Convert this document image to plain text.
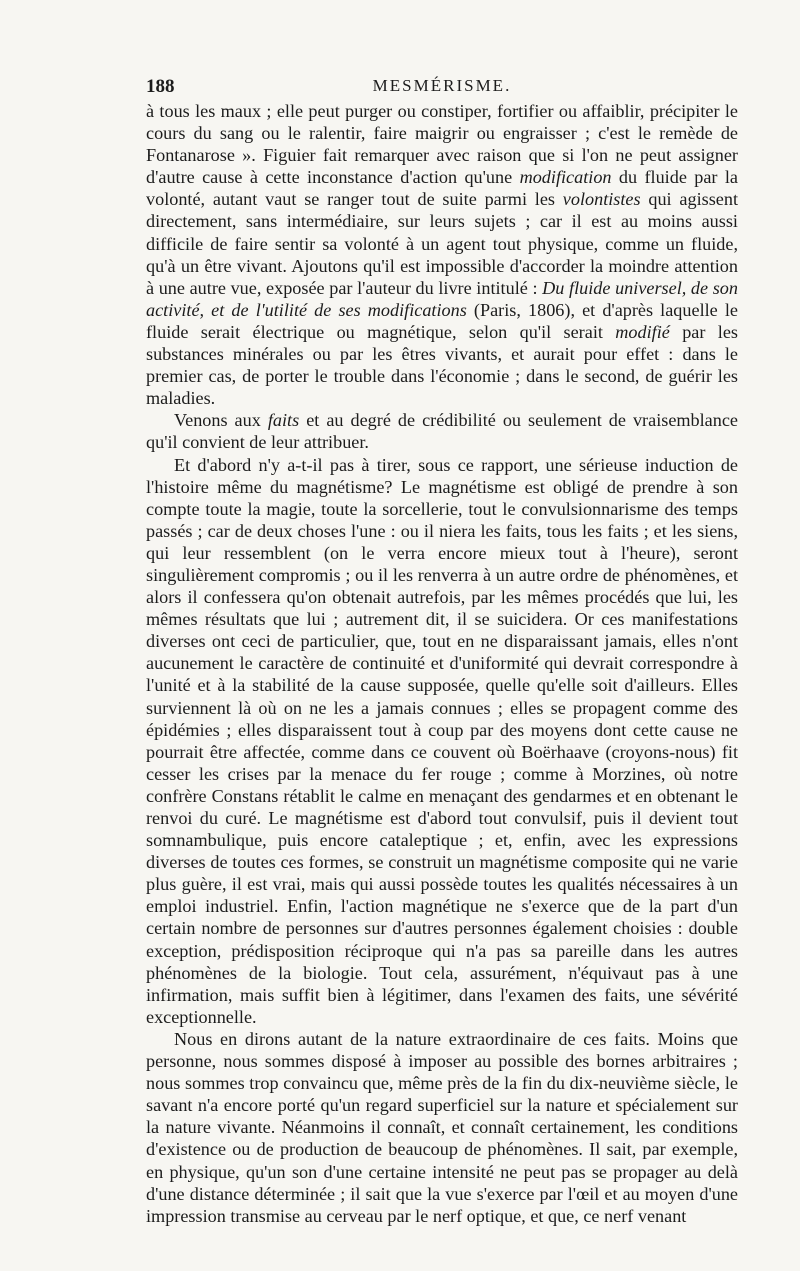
188	MESMÉRISME.

à tous les maux ; elle peut purger ou constiper, fortifier ou affaiblir, précipiter le cours du sang ou le ralentir, faire maigrir ou engraisser ; c'est le remède de Fontanarose ». Figuier fait remarquer avec raison que si l'on ne peut assigner d'autre cause à cette inconstance d'action qu'une modification du fluide par la volonté, autant vaut se ranger tout de suite parmi les volontistes qui agissent directement, sans intermédiaire, sur leurs sujets ; car il est au moins aussi difficile de faire sentir sa volonté à un agent tout physique, comme un fluide, qu'à un être vivant. Ajoutons qu'il est impossible d'accorder la moindre attention à une autre vue, exposée par l'auteur du livre intitulé : Du fluide universel, de son activité, et de l'utilité de ses modifications (Paris, 1806), et d'après laquelle le fluide serait électrique ou magnétique, selon qu'il serait modifié par les substances minérales ou par les êtres vivants, et aurait pour effet : dans le premier cas, de porter le trouble dans l'économie ; dans le second, de guérir les maladies.

Venons aux faits et au degré de crédibilité ou seulement de vraisemblance qu'il convient de leur attribuer.

Et d'abord n'y a-t-il pas à tirer, sous ce rapport, une sérieuse induction de l'histoire même du magnétisme? Le magnétisme est obligé de prendre à son compte toute la magie, toute la sorcellerie, tout le convulsionnarisme des temps passés ; car de deux choses l'une : ou il niera les faits, tous les faits ; et les siens, qui leur ressemblent (on le verra encore mieux tout à l'heure), seront singulièrement compromis ; ou il les renverra à un autre ordre de phénomènes, et alors il confessera qu'on obtenait autrefois, par les mêmes procédés que lui, les mêmes résultats que lui ; autrement dit, il se suicidera. Or ces manifestations diverses ont ceci de particulier, que, tout en ne disparaissant jamais, elles n'ont aucunement le caractère de continuité et d'uniformité qui devrait correspondre à l'unité et à la stabilité de la cause supposée, quelle qu'elle soit d'ailleurs. Elles surviennent là où on ne les a jamais connues ; elles se propagent comme des épidémies ; elles disparaissent tout à coup par des moyens dont cette cause ne pourrait être affectée, comme dans ce couvent où Boërhaave (croyons-nous) fit cesser les crises par la menace du fer rouge ; comme à Morzines, où notre confrère Constans rétablit le calme en menaçant des gendarmes et en obtenant le renvoi du curé. Le magnétisme est d'abord tout convulsif, puis il devient tout somnambulique, puis encore cataleptique ; et, enfin, avec les expressions diverses de toutes ces formes, se construit un magnétisme composite qui ne varie plus guère, il est vrai, mais qui aussi possède toutes les qualités nécessaires à un emploi industriel. Enfin, l'action magnétique ne s'exerce que de la part d'un certain nombre de personnes sur d'autres personnes également choisies : double exception, prédisposition réciproque qui n'a pas sa pareille dans les autres phénomènes de la biologie. Tout cela, assurément, n'équivaut pas à une infirmation, mais suffit bien à légitimer, dans l'examen des faits, une sévérité exceptionnelle.

Nous en dirons autant de la nature extraordinaire de ces faits. Moins que personne, nous sommes disposé à imposer au possible des bornes arbitraires ; nous sommes trop convaincu que, même près de la fin du dix-neuvième siècle, le savant n'a encore porté qu'un regard superficiel sur la nature et spécialement sur la nature vivante. Néanmoins il connaît, et connaît certainement, les conditions d'existence ou de production de beaucoup de phénomènes. Il sait, par exemple, en physique, qu'un son d'une certaine intensité ne peut pas se propager au delà d'une distance déterminée ; il sait que la vue s'exerce par l'œil et au moyen d'une impression transmise au cerveau par le nerf optique, et que, ce nerf venant
